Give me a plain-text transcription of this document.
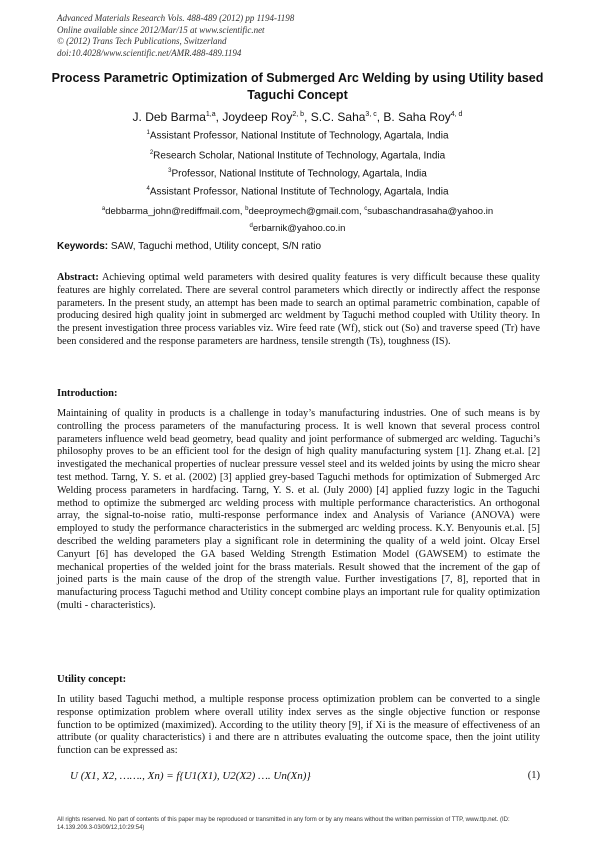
Advanced Materials Research Vols. 488-489 (2012) pp 1194-1198
Online available since 2012/Mar/15 at www.scientific.net
© (2012) Trans Tech Publications, Switzerland
doi:10.4028/www.scientific.net/AMR.488-489.1194
Process Parametric Optimization of Submerged Arc Welding by using Utility based Taguchi Concept
J. Deb Barma$^{1,a}$, Joydeep Roy$^{2, b}$, S.C. Saha$^{3, c}$, B. Saha Roy$^{4, d}$
$^1$Assistant Professor, National Institute of Technology, Agartala, India
$^2$Research Scholar, National Institute of Technology, Agartala, India
$^3$Professor, National Institute of Technology, Agartala, India
$^4$Assistant Professor, National Institute of Technology, Agartala, India
$^a$debbarma_john@rediffmail.com, $^b$deeproymech@gmail.com, $^c$subaschandrasaha@yahoo.in
$^d$erbarnik@yahoo.co.in
Keywords: SAW, Taguchi method, Utility concept, S/N ratio
Abstract: Achieving optimal weld parameters with desired quality features is very difficult because these quality features are highly correlated. There are several control parameters which directly or indirectly affect the response parameters. In the present study, an attempt has been made to search an optimal parametric combination, capable of producing desired high quality joint in submerged arc weldment by Taguchi method coupled with Utility theory. In the present investigation three process variables viz. Wire feed rate (Wf), stick out (So) and traverse speed (Tr) have been considered and the response parameters are hardness, tensile strength (Ts), toughness (IS).
Introduction:
Maintaining of quality in products is a challenge in today’s manufacturing industries. One of such means is by controlling the process parameters of the manufacturing process. It is well known that several process control parameters influence weld bead geometry, bead quality and joint performance of submerged arc welding. Taguchi’s philosophy proves to be an efficient tool for the design of high quality manufacturing system [1]. Zhang et.al. [2] investigated the mechanical properties of nuclear pressure vessel steel and its welded joints by using the micro shear test method. Tarng, Y. S. et al. (2002) [3] applied grey-based Taguchi methods for optimization of Submerged Arc Welding process parameters in hardfacing. Tarng, Y. S. et al. (July 2000) [4] applied fuzzy logic in the Taguchi method to optimize the submerged arc welding process with multiple performance characteristics. An orthogonal array, the signal-to-noise ratio, multi-response performance index and Analysis of Variance (ANOVA) were employed to study the performance characteristics in the submerged arc welding process. K.Y. Benyounis et.al. [5] described the welding parameters play a significant role in determining the quality of a weld joint. Olcay Ersel Canyurt [6] has developed the GA based Welding Strength Estimation Model (GAWSEM) to estimate the mechanical properties of the welded joint for the brass materials. Result showed that the increment of the gap of joined parts is the main cause of the drop of the strength value. Further investigations [7, 8], reported that in manufacturing process Taguchi method and Utility concept combine plays an important rule for quality optimization (multi - characteristics).
Utility concept:
In utility based Taguchi method, a multiple response process optimization problem can be converted to a single response optimization problem where overall utility index serves as the single objective function or response function to be optimized (maximized). According to the utility theory [9], if Xi is the measure of effectiveness of an attribute (or quality characteristics) i and there are n attributes evaluating the outcome space, then the joint utility function can be expressed as:
U (X1, X2, ……., Xn) = f{U1(X1), U2(X2) …. Un(Xn)}	(1)
All rights reserved. No part of contents of this paper may be reproduced or transmitted in any form or by any means without the written permission of TTP, www.ttp.net. (ID: 14.139.209.3-03/09/12,10:29:54)
